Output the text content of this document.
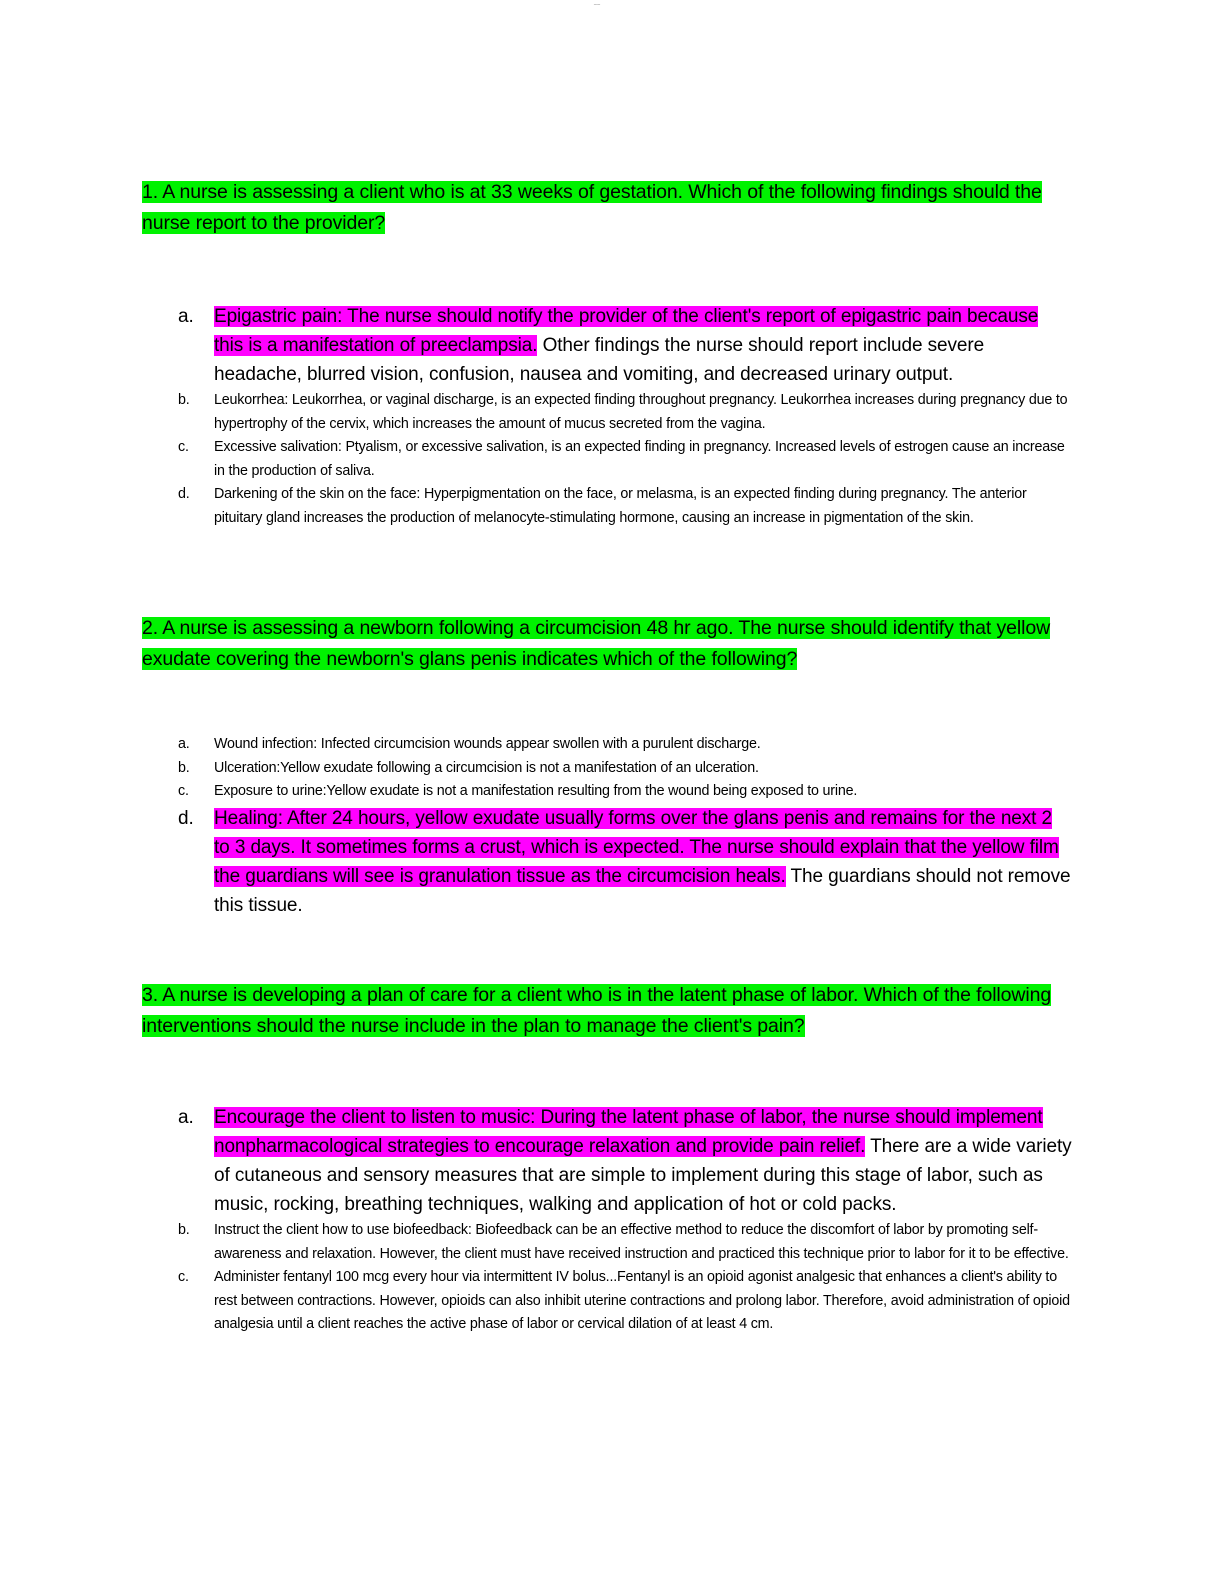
__
1. A nurse is assessing a client who is at 33 weeks of gestation. Which of the following findings should the nurse report to the provider?
a. Epigastric pain: The nurse should notify the provider of the client's report of epigastric pain because this is a manifestation of preeclampsia. Other findings the nurse should report include severe headache, blurred vision, confusion, nausea and vomiting, and decreased urinary output.
b. Leukorrhea: Leukorrhea, or vaginal discharge, is an expected finding throughout pregnancy. Leukorrhea increases during pregnancy due to hypertrophy of the cervix, which increases the amount of mucus secreted from the vagina.
c. Excessive salivation: Ptyalism, or excessive salivation, is an expected finding in pregnancy. Increased levels of estrogen cause an increase in the production of saliva.
d. Darkening of the skin on the face: Hyperpigmentation on the face, or melasma, is an expected finding during pregnancy. The anterior pituitary gland increases the production of melanocyte-stimulating hormone, causing an increase in pigmentation of the skin.
2. A nurse is assessing a newborn following a circumcision 48 hr ago. The nurse should identify that yellow exudate covering the newborn's glans penis indicates which of the following?
a. Wound infection: Infected circumcision wounds appear swollen with a purulent discharge.
b. Ulceration:Yellow exudate following a circumcision is not a manifestation of an ulceration.
c. Exposure to urine:Yellow exudate is not a manifestation resulting from the wound being exposed to urine.
d. Healing: After 24 hours, yellow exudate usually forms over the glans penis and remains for the next 2 to 3 days. It sometimes forms a crust, which is expected. The nurse should explain that the yellow film the guardians will see is granulation tissue as the circumcision heals. The guardians should not remove this tissue.
3. A nurse is developing a plan of care for a client who is in the latent phase of labor. Which of the following interventions should the nurse include in the plan to manage the client's pain?
a. Encourage the client to listen to music: During the latent phase of labor, the nurse should implement nonpharmacological strategies to encourage relaxation and provide pain relief. There are a wide variety of cutaneous and sensory measures that are simple to implement during this stage of labor, such as music, rocking, breathing techniques, walking and application of hot or cold packs.
b. Instruct the client how to use biofeedback: Biofeedback can be an effective method to reduce the discomfort of labor by promoting self-awareness and relaxation. However, the client must have received instruction and practiced this technique prior to labor for it to be effective.
c. Administer fentanyl 100 mcg every hour via intermittent IV bolus...Fentanyl is an opioid agonist analgesic that enhances a client's ability to rest between contractions. However, opioids can also inhibit uterine contractions and prolong labor. Therefore, avoid administration of opioid analgesia until a client reaches the active phase of labor or cervical dilation of at least 4 cm.
